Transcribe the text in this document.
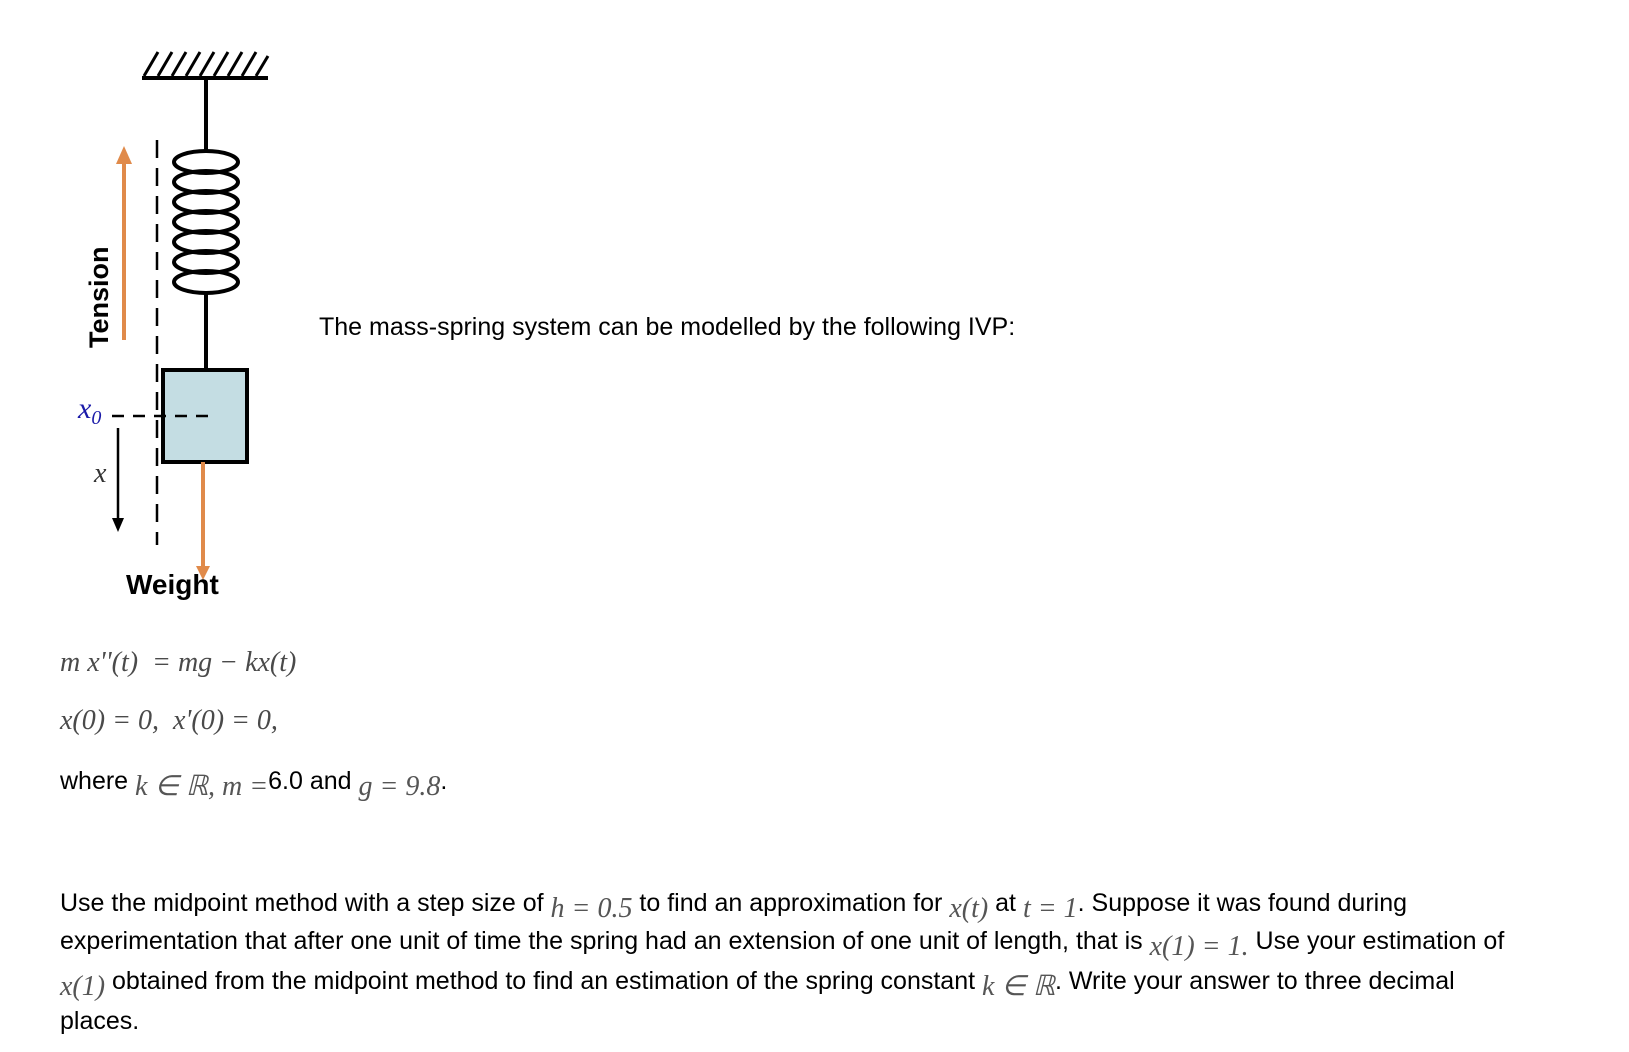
Tension
$x_0$
x
Weight
The mass-spring system can be modelled by the following IVP:
m x''(t)  = mg − kx(t)
x(0) = 0,  x'(0) = 0,
where k ∈ ℝ, m =6.0 and g = 9.8.
Use the midpoint method with a step size of h = 0.5 to find an approximation for x(t) at t = 1. Suppose it was found during
experimentation that after one unit of time the spring had an extension of one unit of length, that is x(1) = 1. Use your estimation of
x(1) obtained from the midpoint method to find an estimation of the spring constant k ∈ ℝ. Write your answer to three decimal
places.
